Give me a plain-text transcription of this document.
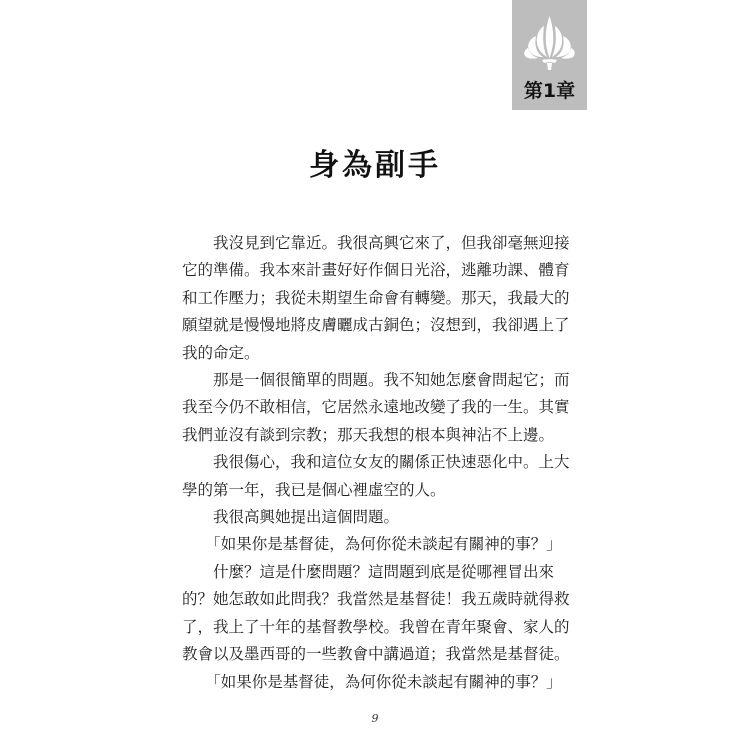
第1章
身為副手

我沒見到它靠近。我很高興它來了，但我卻毫無迎接
它的準備。我本來計畫好好作個日光浴，逃離功課、體育
和工作壓力；我從未期望生命會有轉變。那天，我最大的
願望就是慢慢地將皮膚曬成古銅色；沒想到，我卻遇上了
我的命定。

那是一個很簡單的問題。我不知她怎麼會問起它；而
我至今仍不敢相信，它居然永遠地改變了我的一生。其實
我們並沒有談到宗教；那天我想的根本與神沾不上邊。

我很傷心，我和這位女友的關係正快速惡化中。上大
學的第一年，我已是個心裡虛空的人。

我很高興她提出這個問題。

「如果你是基督徒，為何你從未談起有關神的事？」

什麼？這是什麼問題？這問題到底是從哪裡冒出來
的？她怎敢如此問我？我當然是基督徒！我五歲時就得救
了，我上了十年的基督教學校。我曾在青年聚會、家人的
教會以及墨西哥的一些教會中講過道；我當然是基督徒。

「如果你是基督徒，為何你從未談起有關神的事？」

9
